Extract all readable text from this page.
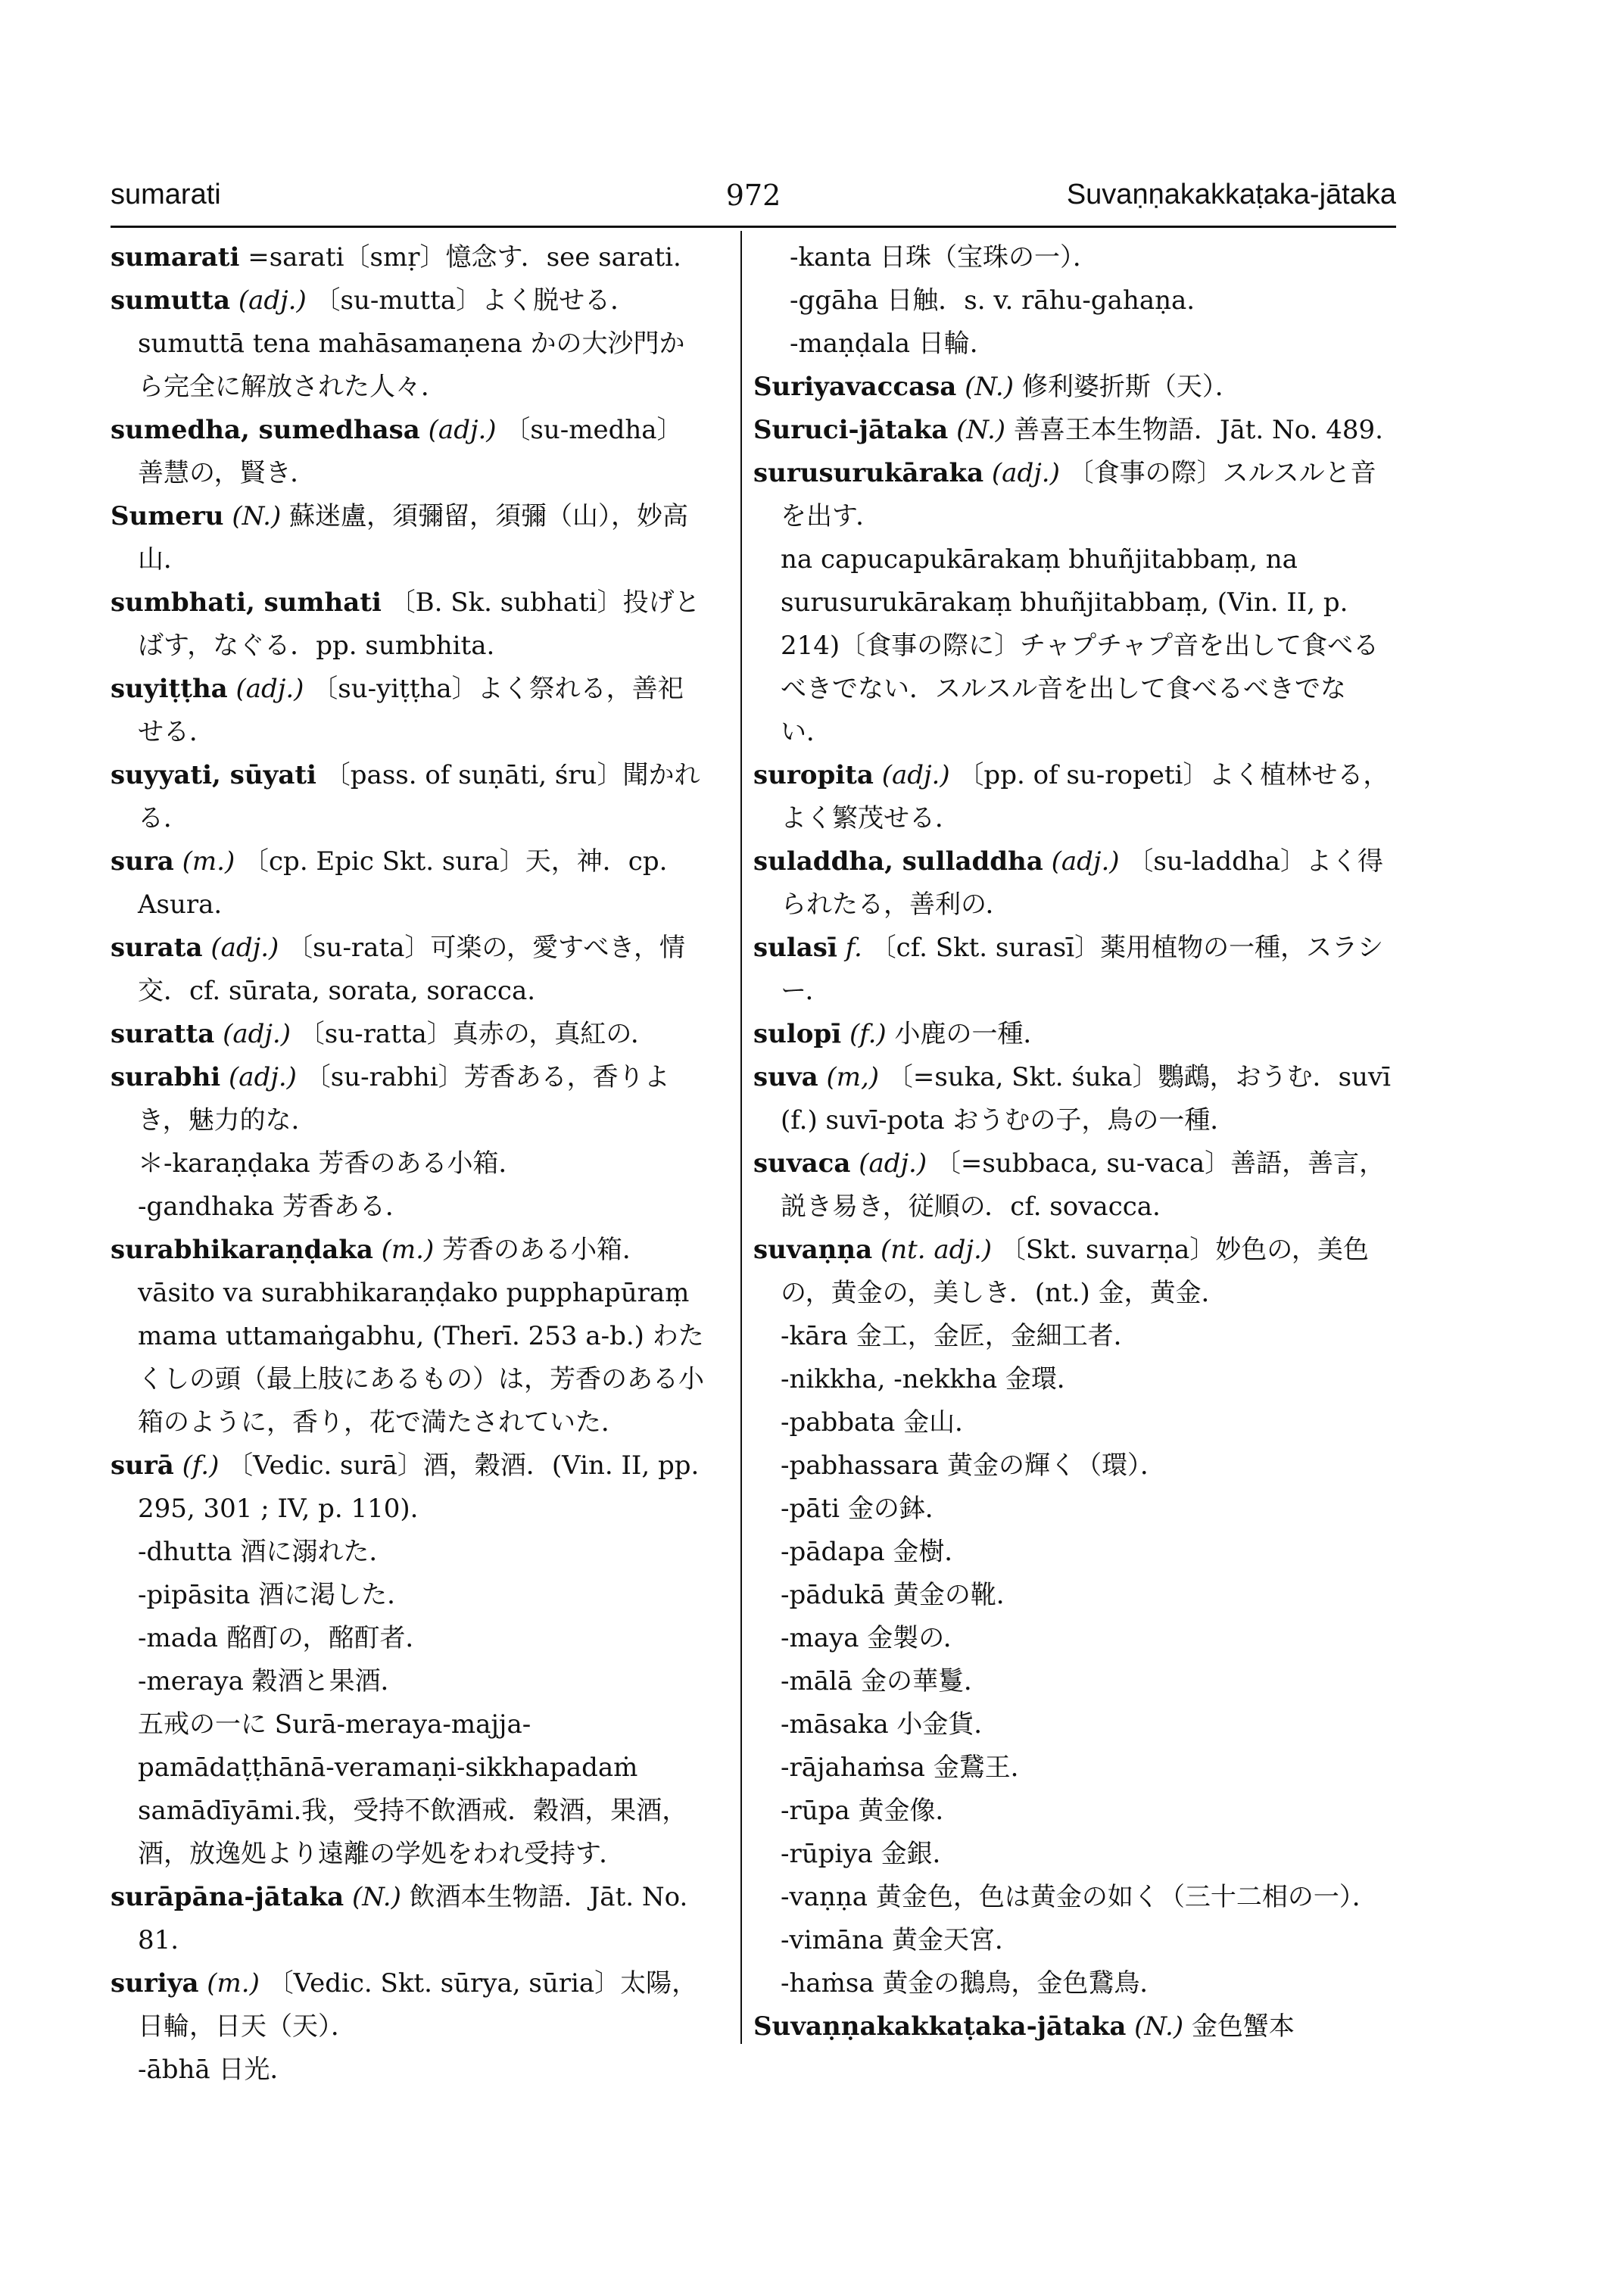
sumarati	972	Suvaṇṇakakkaṭaka-jātaka

sumarati =sarati〔smṛ〕憶念す．see sarati.

sumutta (adj.) 〔su-mutta〕よく脱せる．

sumuttā tena mahāsamaṇena かの大沙門から完全に解放された人々．

sumedha, sumedhasa (adj.) 〔su-medha〕善慧の，賢き．

Sumeru (N.) 蘇迷盧，須彌留，須彌（山），妙高山．

sumbhati, sumhati 〔B. Sk. subhati〕投げとばす，なぐる．pp. sumbhita.

suyiṭṭha (adj.) 〔su-yiṭṭha〕よく祭れる，善祀せる．

suyyati, sūyati 〔pass. of suṇāti, śru〕聞かれる．

sura (m.) 〔cp. Epic Skt. sura〕天，神．cp. Asura.

surata (adj.) 〔su-rata〕可楽の，愛すべき，情交．cf. sūrata, sorata, soracca.

suratta (adj.) 〔su-ratta〕真赤の，真紅の．

surabhi (adj.) 〔su-rabhi〕芳香ある，香りよき，魅力的な．

＊-karaṇḍaka 芳香のある小箱．

-gandhaka 芳香ある．

surabhikaraṇḍaka (m.) 芳香のある小箱．

vāsito va surabhikaraṇḍako pupphapūraṃ mama uttamaṅgabhu, (Therī. 253 a-b.) わたくしの頭（最上肢にあるもの）は，芳香のある小箱のように，香り，花で満たされていた．

surā (f.) 〔Vedic. surā〕酒，穀酒．(Vin. II, pp. 295, 301 ; IV, p. 110).

-dhutta 酒に溺れた．

-pipāsita 酒に渇した．

-mada 酩酊の，酩酊者．

-meraya 穀酒と果酒．

五戒の一に Surā-meraya-majja-pamādaṭṭhānā-veramaṇi-sikkhapadaṁ samādīyāmi.我，受持不飲酒戒．穀酒，果酒，酒，放逸処より遠離の学処をわれ受持す．

surāpāna-jātaka (N.) 飲酒本生物語．Jāt. No. 81.

suriya (m.) 〔Vedic. Skt. sūrya, sūria〕太陽，日輪，日天（天）．

-ābhā 日光．

-kanta 日珠（宝珠の一）．

-ggāha 日触．s. v. rāhu-gahaṇa.

-maṇḍala 日輪．

Suriyavaccasa (N.) 修利婆折斯（天）．

Suruci-jātaka (N.) 善喜王本生物語．Jāt. No. 489.

surusurukāraka (adj.) 〔食事の際〕スルスルと音を出す．

na capucapukārakaṃ bhuñjitabbaṃ, na surusurukārakaṃ bhuñjitabbaṃ, (Vin. II, p. 214)〔食事の際に〕チャプチャプ音を出して食べるべきでない．スルスル音を出して食べるべきでない．

suropita (adj.) 〔pp. of su-ropeti〕よく植林せる，よく繁茂せる．

suladdha, sulladdha (adj.) 〔su-laddha〕よく得られたる，善利の．

sulasī f. 〔cf. Skt. surasī〕薬用植物の一種，スラシー．

sulopī (f.) 小鹿の一種．

suva (m,) 〔=suka, Skt. śuka〕鸚鵡，おうむ．suvī (f.) suvī-pota おうむの子，鳥の一種．

suvaca (adj.) 〔=subbaca, su-vaca〕善語，善言，説き易き，従順の．cf. sovacca.

suvaṇṇa (nt. adj.) 〔Skt. suvarṇa〕妙色の，美色の，黄金の，美しき．(nt.) 金，黄金．

-kāra 金工，金匠，金細工者．

-nikkha, -nekkha 金環．

-pabbata 金山．

-pabhassara 黄金の輝く（環）．

-pāti 金の鉢．

-pādapa 金樹．

-pādukā 黄金の靴．

-maya 金製の．

-mālā 金の華鬘．

-māsaka 小金貨．

-rājahaṁsa 金鵞王．

-rūpa 黄金像．

-rūpiya 金銀．

-vaṇṇa 黄金色，色は黄金の如く（三十二相の一）．

-vimāna 黄金天宮．

-haṁsa 黄金の鵝鳥，金色鵞鳥．

Suvaṇṇakakkaṭaka-jātaka (N.) 金色蟹本
